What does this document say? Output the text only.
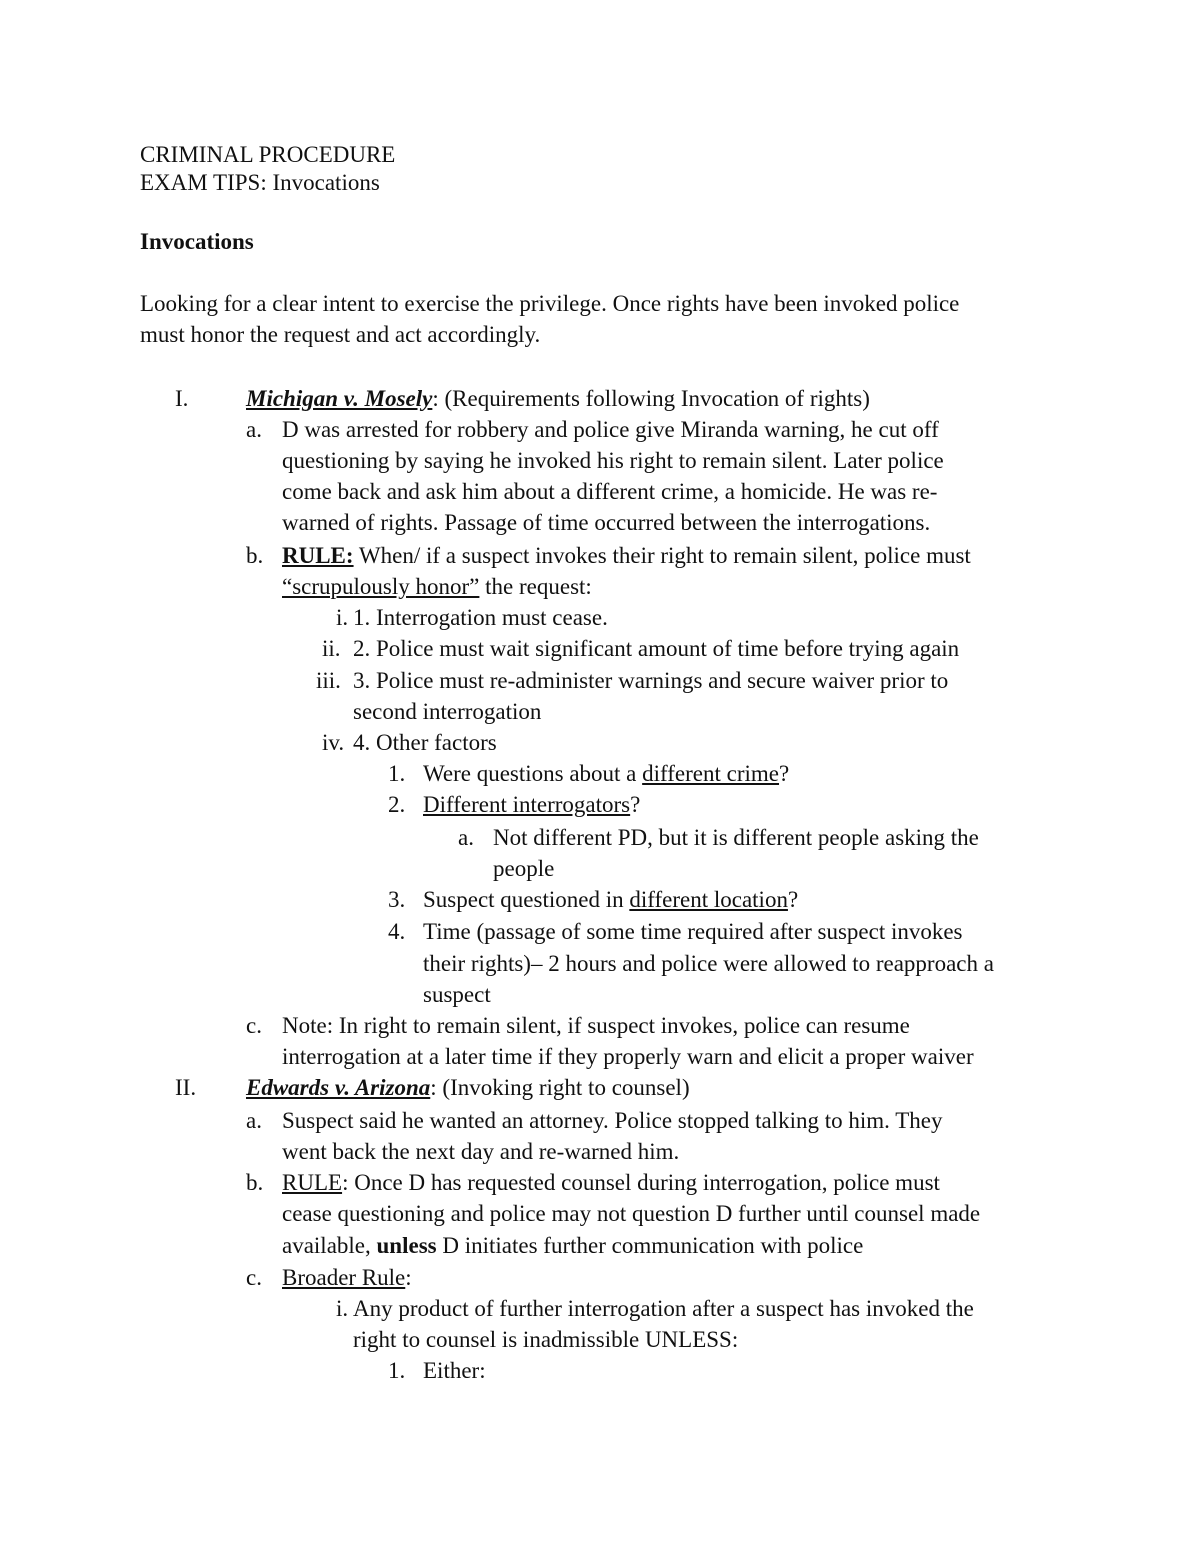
CRIMINAL PROCEDURE
EXAM TIPS: Invocations
Invocations
Looking for a clear intent to exercise the privilege. Once rights have been invoked police
must honor the request and act accordingly.
I.	Michigan v. Mosely: (Requirements following Invocation of rights)
a. D was arrested for robbery and police give Miranda warning, he cut off
questioning by saying he invoked his right to remain silent. Later police
come back and ask him about a different crime, a homicide. He was re-
warned of rights. Passage of time occurred between the interrogations.
b. RULE: When/ if a suspect invokes their right to remain silent, police must
“scrupulously honor” the request:
i. 1. Interrogation must cease.
ii. 2. Police must wait significant amount of time before trying again
iii. 3. Police must re-administer warnings and secure waiver prior to
second interrogation
iv. 4. Other factors
1. Were questions about a different crime?
2. Different interrogators?
a. Not different PD, but it is different people asking the
people
3. Suspect questioned in different location?
4. Time (passage of some time required after suspect invokes
their rights)– 2 hours and police were allowed to reapproach a
suspect
c. Note: In right to remain silent, if suspect invokes, police can resume
interrogation at a later time if they properly warn and elicit a proper waiver
II. Edwards v. Arizona: (Invoking right to counsel)
a. Suspect said he wanted an attorney. Police stopped talking to him. They
went back the next day and re-warned him.
b. RULE: Once D has requested counsel during interrogation, police must
cease questioning and police may not question D further until counsel made
available, unless D initiates further communication with police
c. Broader Rule:
i. Any product of further interrogation after a suspect has invoked the
right to counsel is inadmissible UNLESS:
1. Either:
